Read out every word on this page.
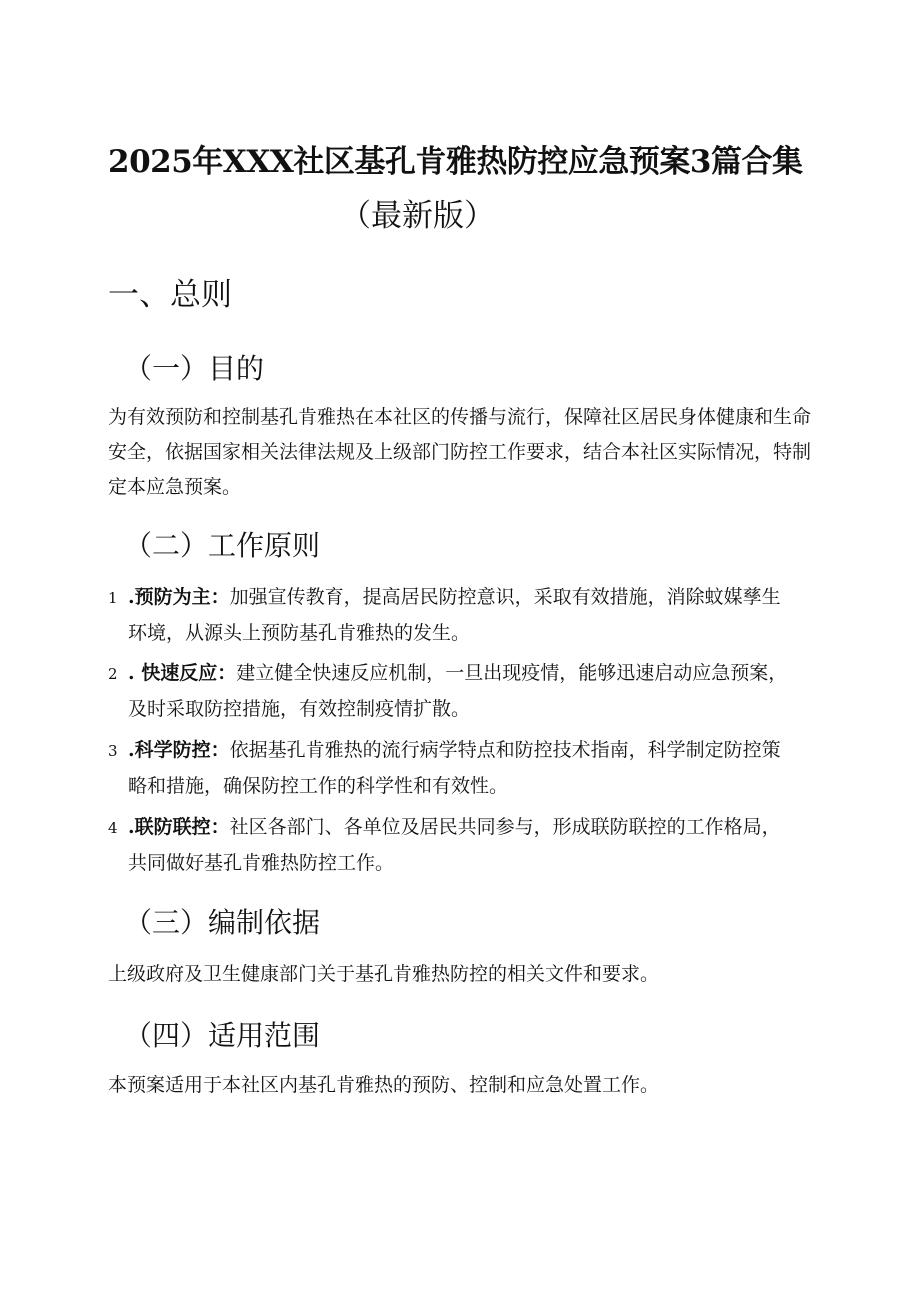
2025年XXX社区基孔肯雅热防控应急预案3篇合集
（最新版）
一、总则
（一）目的
为有效预防和控制基孔肯雅热在本社区的传播与流行，保障社区居民身体健康和生命安全，依据国家相关法律法规及上级部门防控工作要求，结合本社区实际情况，特制定本应急预案。
（二）工作原则
1 .预防为主：加强宣传教育，提高居民防控意识，采取有效措施，消除蚊媒孳生
环境，从源头上预防基孔肯雅热的发生。
2 . 快速反应：建立健全快速反应机制，一旦出现疫情，能够迅速启动应急预案，
及时采取防控措施，有效控制疫情扩散。
3 .科学防控：依据基孔肯雅热的流行病学特点和防控技术指南，科学制定防控策
略和措施，确保防控工作的科学性和有效性。
4 .联防联控：社区各部门、各单位及居民共同参与，形成联防联控的工作格局，
共同做好基孔肯雅热防控工作。
（三）编制依据
上级政府及卫生健康部门关于基孔肯雅热防控的相关文件和要求。
（四）适用范围
本预案适用于本社区内基孔肯雅热的预防、控制和应急处置工作。
